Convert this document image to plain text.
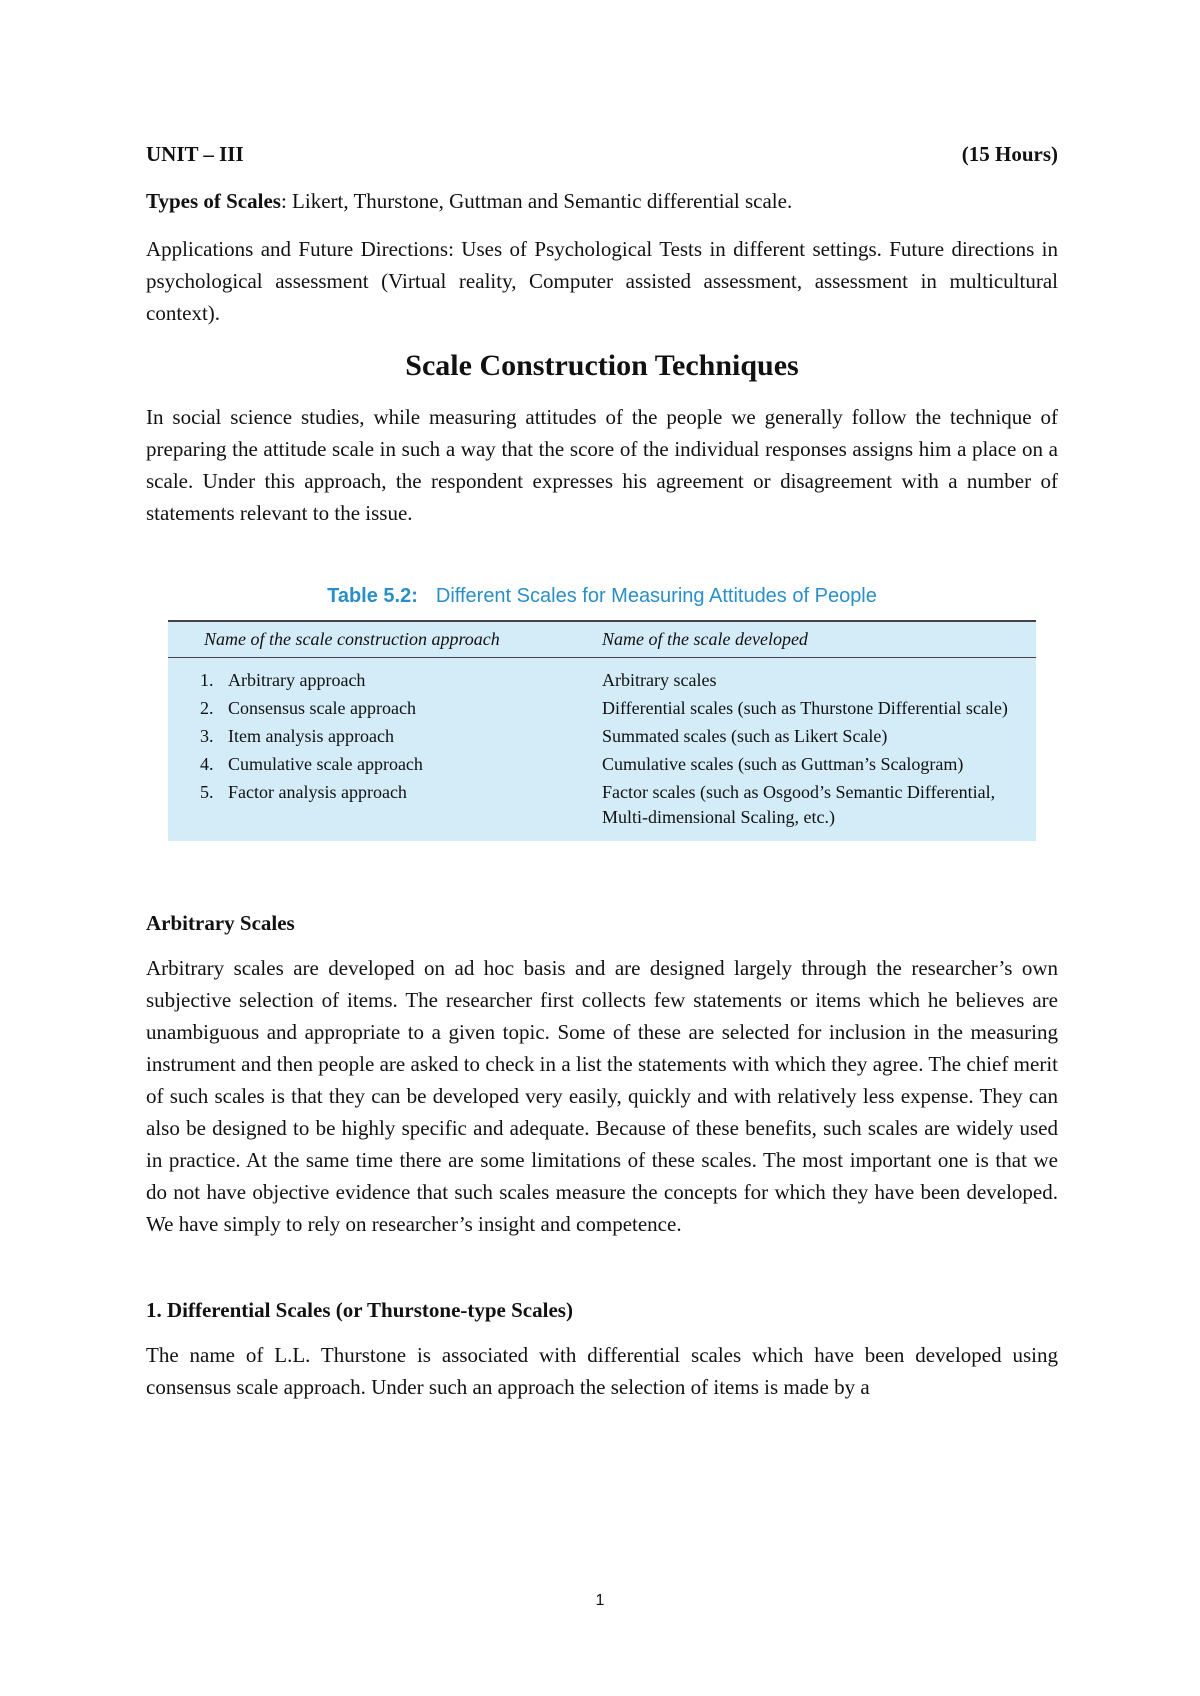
UNIT – III	(15 Hours)

Types of Scales: Likert, Thurstone, Guttman and Semantic differential scale.

Applications and Future Directions: Uses of Psychological Tests in different settings. Future directions in psychological assessment (Virtual reality, Computer assisted assessment, assessment in multicultural context).

Scale Construction Techniques

In social science studies, while measuring attitudes of the people we generally follow the technique of preparing the attitude scale in such a way that the score of the individual responses assigns him a place on a scale. Under this approach, the respondent expresses his agreement or disagreement with a number of statements relevant to the issue.

Table 5.2: Different Scales for Measuring Attitudes of People
Name of the scale construction approach	Name of the scale developed
1. Arbitrary approach	Arbitrary scales
2. Consensus scale approach	Differential scales (such as Thurstone Differential scale)
3. Item analysis approach	Summated scales (such as Likert Scale)
4. Cumulative scale approach	Cumulative scales (such as Guttman’s Scalogram)
5. Factor analysis approach	Factor scales (such as Osgood’s Semantic Differential, Multi-dimensional Scaling, etc.)
Arbitrary Scales

Arbitrary scales are developed on ad hoc basis and are designed largely through the researcher’s own subjective selection of items. The researcher first collects few statements or items which he believes are unambiguous and appropriate to a given topic. Some of these are selected for inclusion in the measuring instrument and then people are asked to check in a list the statements with which they agree. The chief merit of such scales is that they can be developed very easily, quickly and with relatively less expense. They can also be designed to be highly specific and adequate. Because of these benefits, such scales are widely used in practice. At the same time there are some limitations of these scales. The most important one is that we do not have objective evidence that such scales measure the concepts for which they have been developed. We have simply to rely on researcher’s insight and competence.

1. Differential Scales (or Thurstone-type Scales)

The name of L.L. Thurstone is associated with differential scales which have been developed using consensus scale approach. Under such an approach the selection of items is made by a

1
